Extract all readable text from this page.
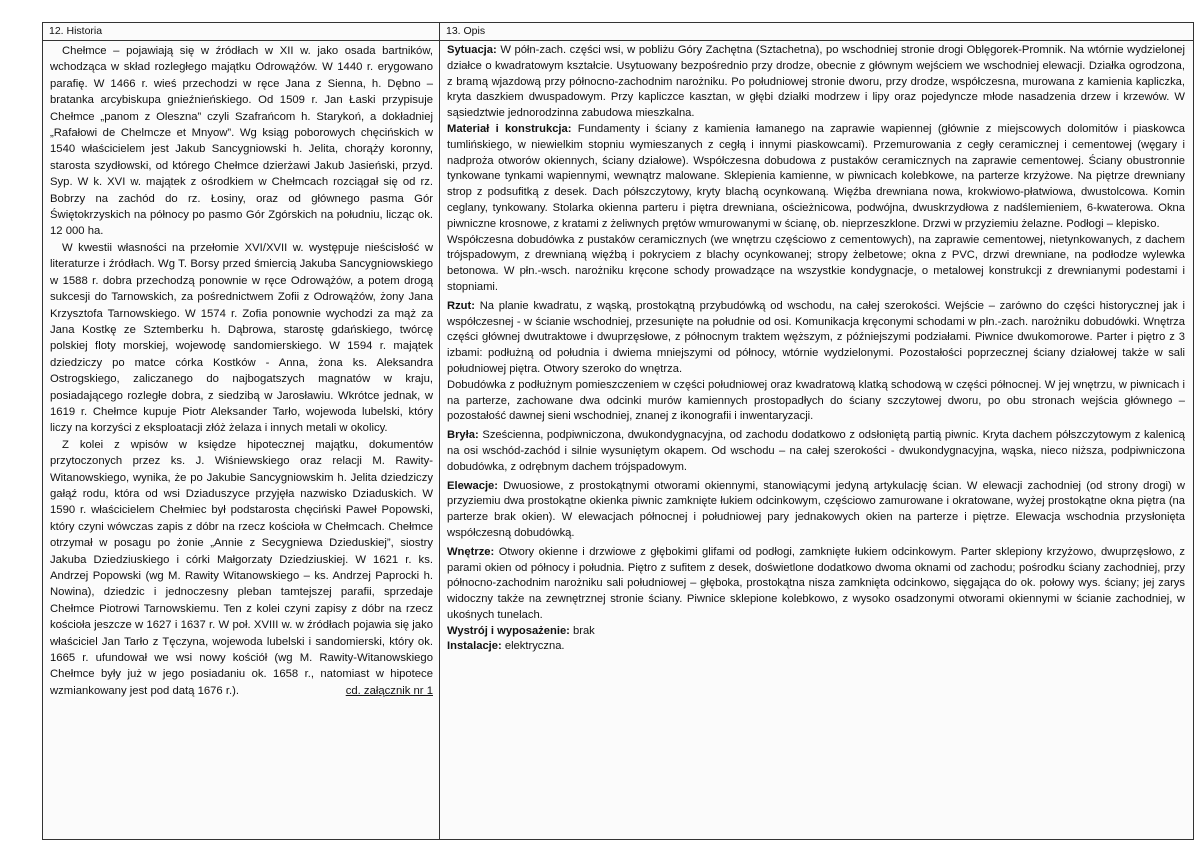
12. Historia

Chełmce – pojawiają się w źródłach w XII w. jako osada bartników, wchodząca w skład rozległego majątku Odrowążów. W 1440 r. erygowano parafię. W 1466 r. wieś przechodzi w ręce Jana z Sienna, h. Dębno – bratanka arcybiskupa gnieźnieńskiego. Od 1509 r. Jan Łaski przypisuje Chełmce „panom z Oleszna” czyli Szafrańcom h. Starykoń, a dokładniej „Rafałowi de Chelmcze et Mnyow”. Wg ksiąg poborowych chęcińskich w 1540 właścicielem jest Jakub Sancygniowski h. Jelita, chorąży koronny, starosta szydłowski, od którego Chełmce dzierżawi Jakub Jasieński, przyd. Syp. W k. XVI w. majątek z ośrodkiem w Chełmcach rozciągał się od rz. Bobrzy na zachód do rz. Łosiny, oraz od głównego pasma Gór Świętokrzyskich na północy po pasmo Gór Zgórskich na południu, licząc ok. 12 000 ha.

W kwestii własności na przełomie XVI/XVII w. występuje nieścisłość w literaturze i źródłach. Wg T. Borsy przed śmiercią Jakuba Sancygniowskiego w 1588 r. dobra przechodzą ponownie w ręce Odrowążów, a potem drogą sukcesji do Tarnowskich, za pośrednictwem Zofii z Odrowążów, żony Jana Krzysztofa Tarnowskiego. W 1574 r. Zofia ponownie wychodzi za mąż za Jana Kostkę ze Sztemberku h. Dąbrowa, starostę gdańskiego, twórcę polskiej floty morskiej, wojewodę sandomierskiego. W 1594 r. majątek dziedziczy po matce córka Kostków - Anna, żona ks. Aleksandra Ostrogskiego, zaliczanego do najbogatszych magnatów w kraju, posiadającego rozległe dobra, z siedzibą w Jarosławiu. Wkrótce jednak, w 1619 r. Chełmce kupuje Piotr Aleksander Tarło, wojewoda lubelski, który liczy na korzyści z eksploatacji złóż żelaza i innych metali w okolicy.

Z kolei z wpisów w księdze hipotecznej majątku, dokumentów przytoczonych przez ks. J. Wiśniewskiego oraz relacji M. Rawity-Witanowskiego, wynika, że po Jakubie Sancygniowskim h. Jelita dziedziczy gałąź rodu, która od wsi Dziaduszyce przyjęła nazwisko Dziaduskich. W 1590 r. właścicielem Chełmiec był podstarosta chęciński Paweł Popowski, który czyni wówczas zapis z dóbr na rzecz kościoła w Chełmcach. Chełmce otrzymał w posagu po żonie „Annie z Secygniewa Dzieduskiej”, siostry Jakuba Dziedziuskiego i córki Małgorzaty Dziedziuskiej. W 1621 r. ks. Andrzej Popowski (wg M. Rawity Witanowskiego – ks. Andrzej Paprocki h. Nowina), dziedzic i jednoczesny pleban tamtejszej parafii, sprzedaje Chełmce Piotrowi Tarnowskiemu. Ten z kolei czyni zapisy z dóbr na rzecz kościoła jeszcze w 1627 i 1637 r. W poł. XVIII w. w źródłach pojawia się jako właściciel Jan Tarło z Tęczyna, wojewoda lubelski i sandomierski, który ok. 1665 r. ufundował we wsi nowy kościół (wg M. Rawity-Witanowskiego Chełmce były już w jego posiadaniu ok. 1658 r., natomiast w hipotece wzmiankowany jest pod datą 1676 r.).	cd. załącznik nr 1

13. Opis

Sytuacja: W półn-zach. części wsi, w pobliżu Góry Zachętna (Sztachetna), po wschodniej stronie drogi Oblęgorek-Promnik. Na wtórnie wydzielonej działce o kwadratowym kształcie. Usytuowany bezpośrednio przy drodze, obecnie z głównym wejściem we wschodniej elewacji. Działka ogrodzona, z bramą wjazdową przy północno-zachodnim narożniku. Po południowej stronie dworu, przy drodze, współczesna, murowana z kamienia kapliczka, kryta daszkiem dwuspadowym. Przy kapliczce kasztan, w głębi działki modrzew i lipy oraz pojedyncze młode nasadzenia drzew i krzewów. W sąsiedztwie jednorodzinna zabudowa mieszkalna.

Materiał i konstrukcja: Fundamenty i ściany z kamienia łamanego na zaprawie wapiennej (głównie z miejscowych dolomitów i piaskowca tumlińskiego, w niewielkim stopniu wymieszanych z cegłą i innymi piaskowcami). Przemurowania z cegły ceramicznej i cementowej (węgary i nadproża otworów okiennych, ściany działowe). Współczesna dobudowa z pustaków ceramicznych na zaprawie cementowej. Ściany obustronnie tynkowane tynkami wapiennymi, wewnątrz malowane. Sklepienia kamienne, w piwnicach kolebkowe, na parterze krzyżowe. Na piętrze drewniany strop z podsufitką z desek. Dach półszczytowy, kryty blachą ocynkowaną. Więźba drewniana nowa, krokwiowo-płatwiowa, dwustolcowa. Komin ceglany, tynkowany. Stolarka okienna parteru i piętra drewniana, ościeżnicowa, podwójna, dwuskrzydłowa z nadślemieniem, 6-kwaterowa. Okna piwniczne krosnowe, z kratami z żeliwnych prętów wmurowanymi w ścianę, ob. nieprzeszklone. Drzwi w przyziemiu żelazne. Podłogi – klepisko.

Współczesna dobudówka z pustaków ceramicznych (we wnętrzu częściowo z cementowych), na zaprawie cementowej, nietynkowanych, z dachem trójspadowym, z drewnianą więźbą i pokryciem z blachy ocynkowanej; stropy żelbetowe; okna z PVC, drzwi drewniane, na podłodze wylewka betonowa. W płn.-wsch. narożniku kręcone schody prowadzące na wszystkie kondygnacje, o metalowej konstrukcji z drewnianymi podestami i stopniami.

Rzut: Na planie kwadratu, z wąską, prostokątną przybudówką od wschodu, na całej szerokości. Wejście – zarówno do części historycznej jak i współczesnej - w ścianie wschodniej, przesunięte na południe od osi. Komunikacja kręconymi schodami w płn.-zach. narożniku dobudówki. Wnętrza części głównej dwutraktowe i dwuprzęsłowe, z północnym traktem węższym, z późniejszymi podziałami. Piwnice dwukomorowe. Parter i piętro z 3 izbami: podłużną od południa i dwiema mniejszymi od północy, wtórnie wydzielonymi. Pozostałości poprzecznej ściany działowej także w sali południowej piętra. Otwory szeroko do wnętrza.

Dobudówka z podłużnym pomieszczeniem w części południowej oraz kwadratową klatką schodową w części północnej. W jej wnętrzu, w piwnicach i na parterze, zachowane dwa odcinki murów kamiennych prostopadłych do ściany szczytowej dworu, po obu stronach wejścia głównego – pozostałość dawnej sieni wschodniej, znanej z ikonografii i inwentaryzacji.

Bryła: Sześcienna, podpiwniczona, dwukondygnacyjna, od zachodu dodatkowo z odsłoniętą partią piwnic. Kryta dachem półszczytowym z kalenicą na osi wschód-zachód i silnie wysuniętym okapem. Od wschodu – na całej szerokości - dwukondygnacyjna, wąska, nieco niższa, podpiwniczona dobudówka, z odrębnym dachem trójspadowym.

Elewacje: Dwuosiowe, z prostokątnymi otworami okiennymi, stanowiącymi jedyną artykulację ścian. W elewacji zachodniej (od strony drogi) w przyziemiu dwa prostokątne okienka piwnic zamknięte łukiem odcinkowym, częściowo zamurowane i okratowane, wyżej prostokątne okna piętra (na parterze brak okien). W elewacjach północnej i południowej pary jednakowych okien na parterze i piętrze. Elewacja wschodnia przysłonięta współczesną dobudówką.

Wnętrze: Otwory okienne i drzwiowe z głębokimi glifami od podłogi, zamknięte łukiem odcinkowym. Parter sklepiony krzyżowo, dwuprzęsłowo, z parami okien od północy i południa. Piętro z sufitem z desek, doświetlone dodatkowo dwoma oknami od zachodu; pośrodku ściany zachodniej, przy północno-zachodnim narożniku sali południowej – głęboka, prostokątna nisza zamknięta odcinkowo, sięgająca do ok. połowy wys. ściany; jej zarys widoczny także na zewnętrznej stronie ściany. Piwnice sklepione kolebkowo, z wysoko osadzonymi otworami okiennymi w ścianie zachodniej, w ukośnych tunelach.

Wystrój i wyposażenie: brak

Instalacje: elektryczna.
